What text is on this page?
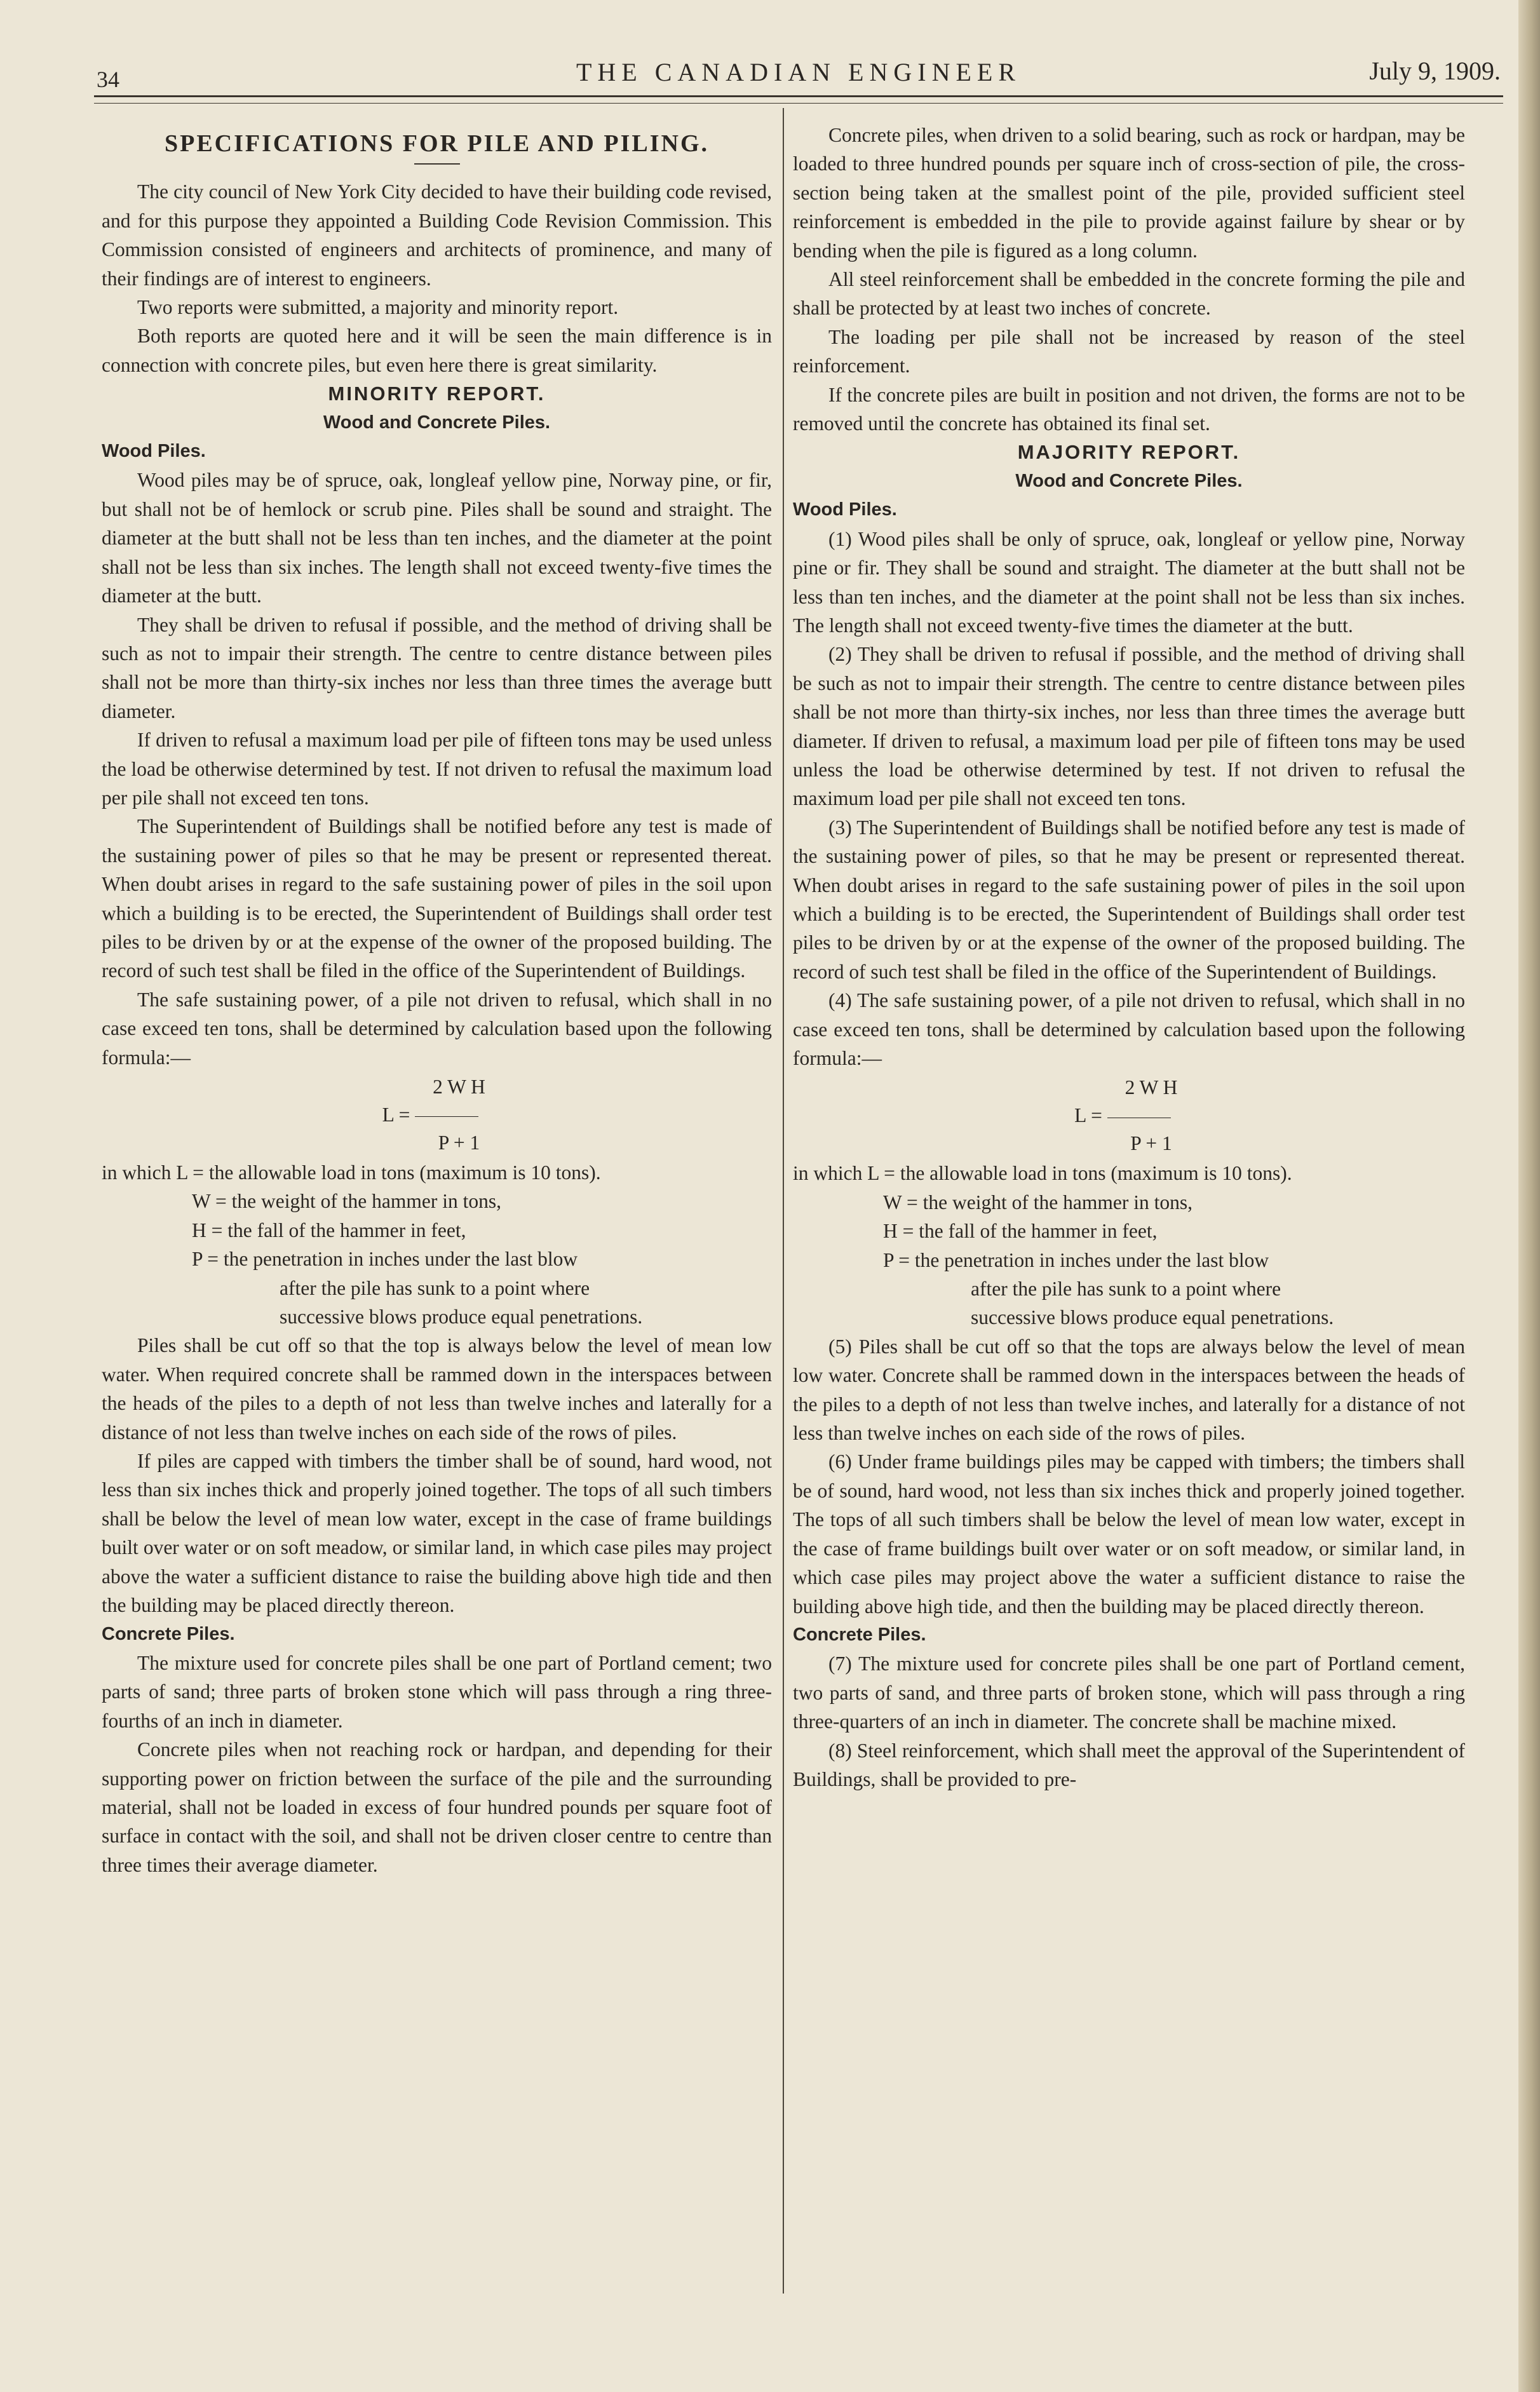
34	THE CANADIAN ENGINEER	July 9, 1909.

SPECIFICATIONS FOR PILE AND PILING.

The city council of New York City decided to have their building code revised, and for this purpose they appointed a Building Code Revision Commission. This Commission consisted of engineers and architects of prominence, and many of their findings are of interest to engineers.

Two reports were submitted, a majority and minority report.

Both reports are quoted here and it will be seen the main difference is in connection with concrete piles, but even here there is great similarity.

MINORITY REPORT.

Wood and Concrete Piles.

Wood Piles.

Wood piles may be of spruce, oak, longleaf yellow pine, Norway pine, or fir, but shall not be of hemlock or scrub pine. Piles shall be sound and straight. The diameter at the butt shall not be less than ten inches, and the diameter at the point shall not be less than six inches. The length shall not exceed twenty-five times the diameter at the butt.

They shall be driven to refusal if possible, and the method of driving shall be such as not to impair their strength. The centre to centre distance between piles shall not be more than thirty-six inches nor less than three times the average butt diameter.

If driven to refusal a maximum load per pile of fifteen tons may be used unless the load be otherwise determined by test. If not driven to refusal the maximum load per pile shall not exceed ten tons.

The Superintendent of Buildings shall be notified before any test is made of the sustaining power of piles so that he may be present or represented thereat. When doubt arises in regard to the safe sustaining power of piles in the soil upon which a building is to be erected, the Superintendent of Buildings shall order test piles to be driven by or at the expense of the owner of the proposed building. The record of such test shall be filed in the office of the Superintendent of Buildings.

The safe sustaining power, of a pile not driven to refusal, which shall in no case exceed ten tons, shall be determined by calculation based upon the following formula:—

2 W H
L =
P + 1

in which L = the allowable load in tons (maximum is 10 tons).

W = the weight of the hammer in tons,

H = the fall of the hammer in feet,

P = the penetration in inches under the last blow

after the pile has sunk to a point where

successive blows produce equal penetrations.

Piles shall be cut off so that the top is always below the level of mean low water. When required concrete shall be rammed down in the interspaces between the heads of the piles to a depth of not less than twelve inches and laterally for a distance of not less than twelve inches on each side of the rows of piles.

If piles are capped with timbers the timber shall be of sound, hard wood, not less than six inches thick and properly joined together. The tops of all such timbers shall be below the level of mean low water, except in the case of frame buildings built over water or on soft meadow, or similar land, in which case piles may project above the water a sufficient distance to raise the building above high tide and then the building may be placed directly thereon.

Concrete Piles.

The mixture used for concrete piles shall be one part of Portland cement; two parts of sand; three parts of broken stone which will pass through a ring three-fourths of an inch in diameter.

Concrete piles when not reaching rock or hardpan, and depending for their supporting power on friction between the surface of the pile and the surrounding material, shall not be loaded in excess of four hundred pounds per square foot of surface in contact with the soil, and shall not be driven closer centre to centre than three times their average diameter.

Concrete piles, when driven to a solid bearing, such as rock or hardpan, may be loaded to three hundred pounds per square inch of cross-section of pile, the cross-section being taken at the smallest point of the pile, provided sufficient steel reinforcement is embedded in the pile to provide against failure by shear or by bending when the pile is figured as a long column.

All steel reinforcement shall be embedded in the concrete forming the pile and shall be protected by at least two inches of concrete.

The loading per pile shall not be increased by reason of the steel reinforcement.

If the concrete piles are built in position and not driven, the forms are not to be removed until the concrete has obtained its final set.

MAJORITY REPORT.

Wood and Concrete Piles.

Wood Piles.

(1) Wood piles shall be only of spruce, oak, longleaf or yellow pine, Norway pine or fir. They shall be sound and straight. The diameter at the butt shall not be less than ten inches, and the diameter at the point shall not be less than six inches. The length shall not exceed twenty-five times the diameter at the butt.

(2) They shall be driven to refusal if possible, and the method of driving shall be such as not to impair their strength. The centre to centre distance between piles shall be not more than thirty-six inches, nor less than three times the average butt diameter. If driven to refusal, a maximum load per pile of fifteen tons may be used unless the load be otherwise determined by test. If not driven to refusal the maximum load per pile shall not exceed ten tons.

(3) The Superintendent of Buildings shall be notified before any test is made of the sustaining power of piles, so that he may be present or represented thereat. When doubt arises in regard to the safe sustaining power of piles in the soil upon which a building is to be erected, the Superintendent of Buildings shall order test piles to be driven by or at the expense of the owner of the proposed building. The record of such test shall be filed in the office of the Superintendent of Buildings.

(4) The safe sustaining power, of a pile not driven to refusal, which shall in no case exceed ten tons, shall be determined by calculation based upon the following formula:—

2 W H
L =
P + 1

in which L = the allowable load in tons (maximum is 10 tons).

W = the weight of the hammer in tons,

H = the fall of the hammer in feet,

P = the penetration in inches under the last blow

after the pile has sunk to a point where

successive blows produce equal penetrations.

(5) Piles shall be cut off so that the tops are always below the level of mean low water. Concrete shall be rammed down in the interspaces between the heads of the piles to a depth of not less than twelve inches, and laterally for a distance of not less than twelve inches on each side of the rows of piles.

(6) Under frame buildings piles may be capped with timbers; the timbers shall be of sound, hard wood, not less than six inches thick and properly joined together. The tops of all such timbers shall be below the level of mean low water, except in the case of frame buildings built over water or on soft meadow, or similar land, in which case piles may project above the water a sufficient distance to raise the building above high tide, and then the building may be placed directly thereon.

Concrete Piles.

(7) The mixture used for concrete piles shall be one part of Portland cement, two parts of sand, and three parts of broken stone, which will pass through a ring three-quarters of an inch in diameter. The concrete shall be machine mixed.

(8) Steel reinforcement, which shall meet the approval of the Superintendent of Buildings, shall be provided to pre-
